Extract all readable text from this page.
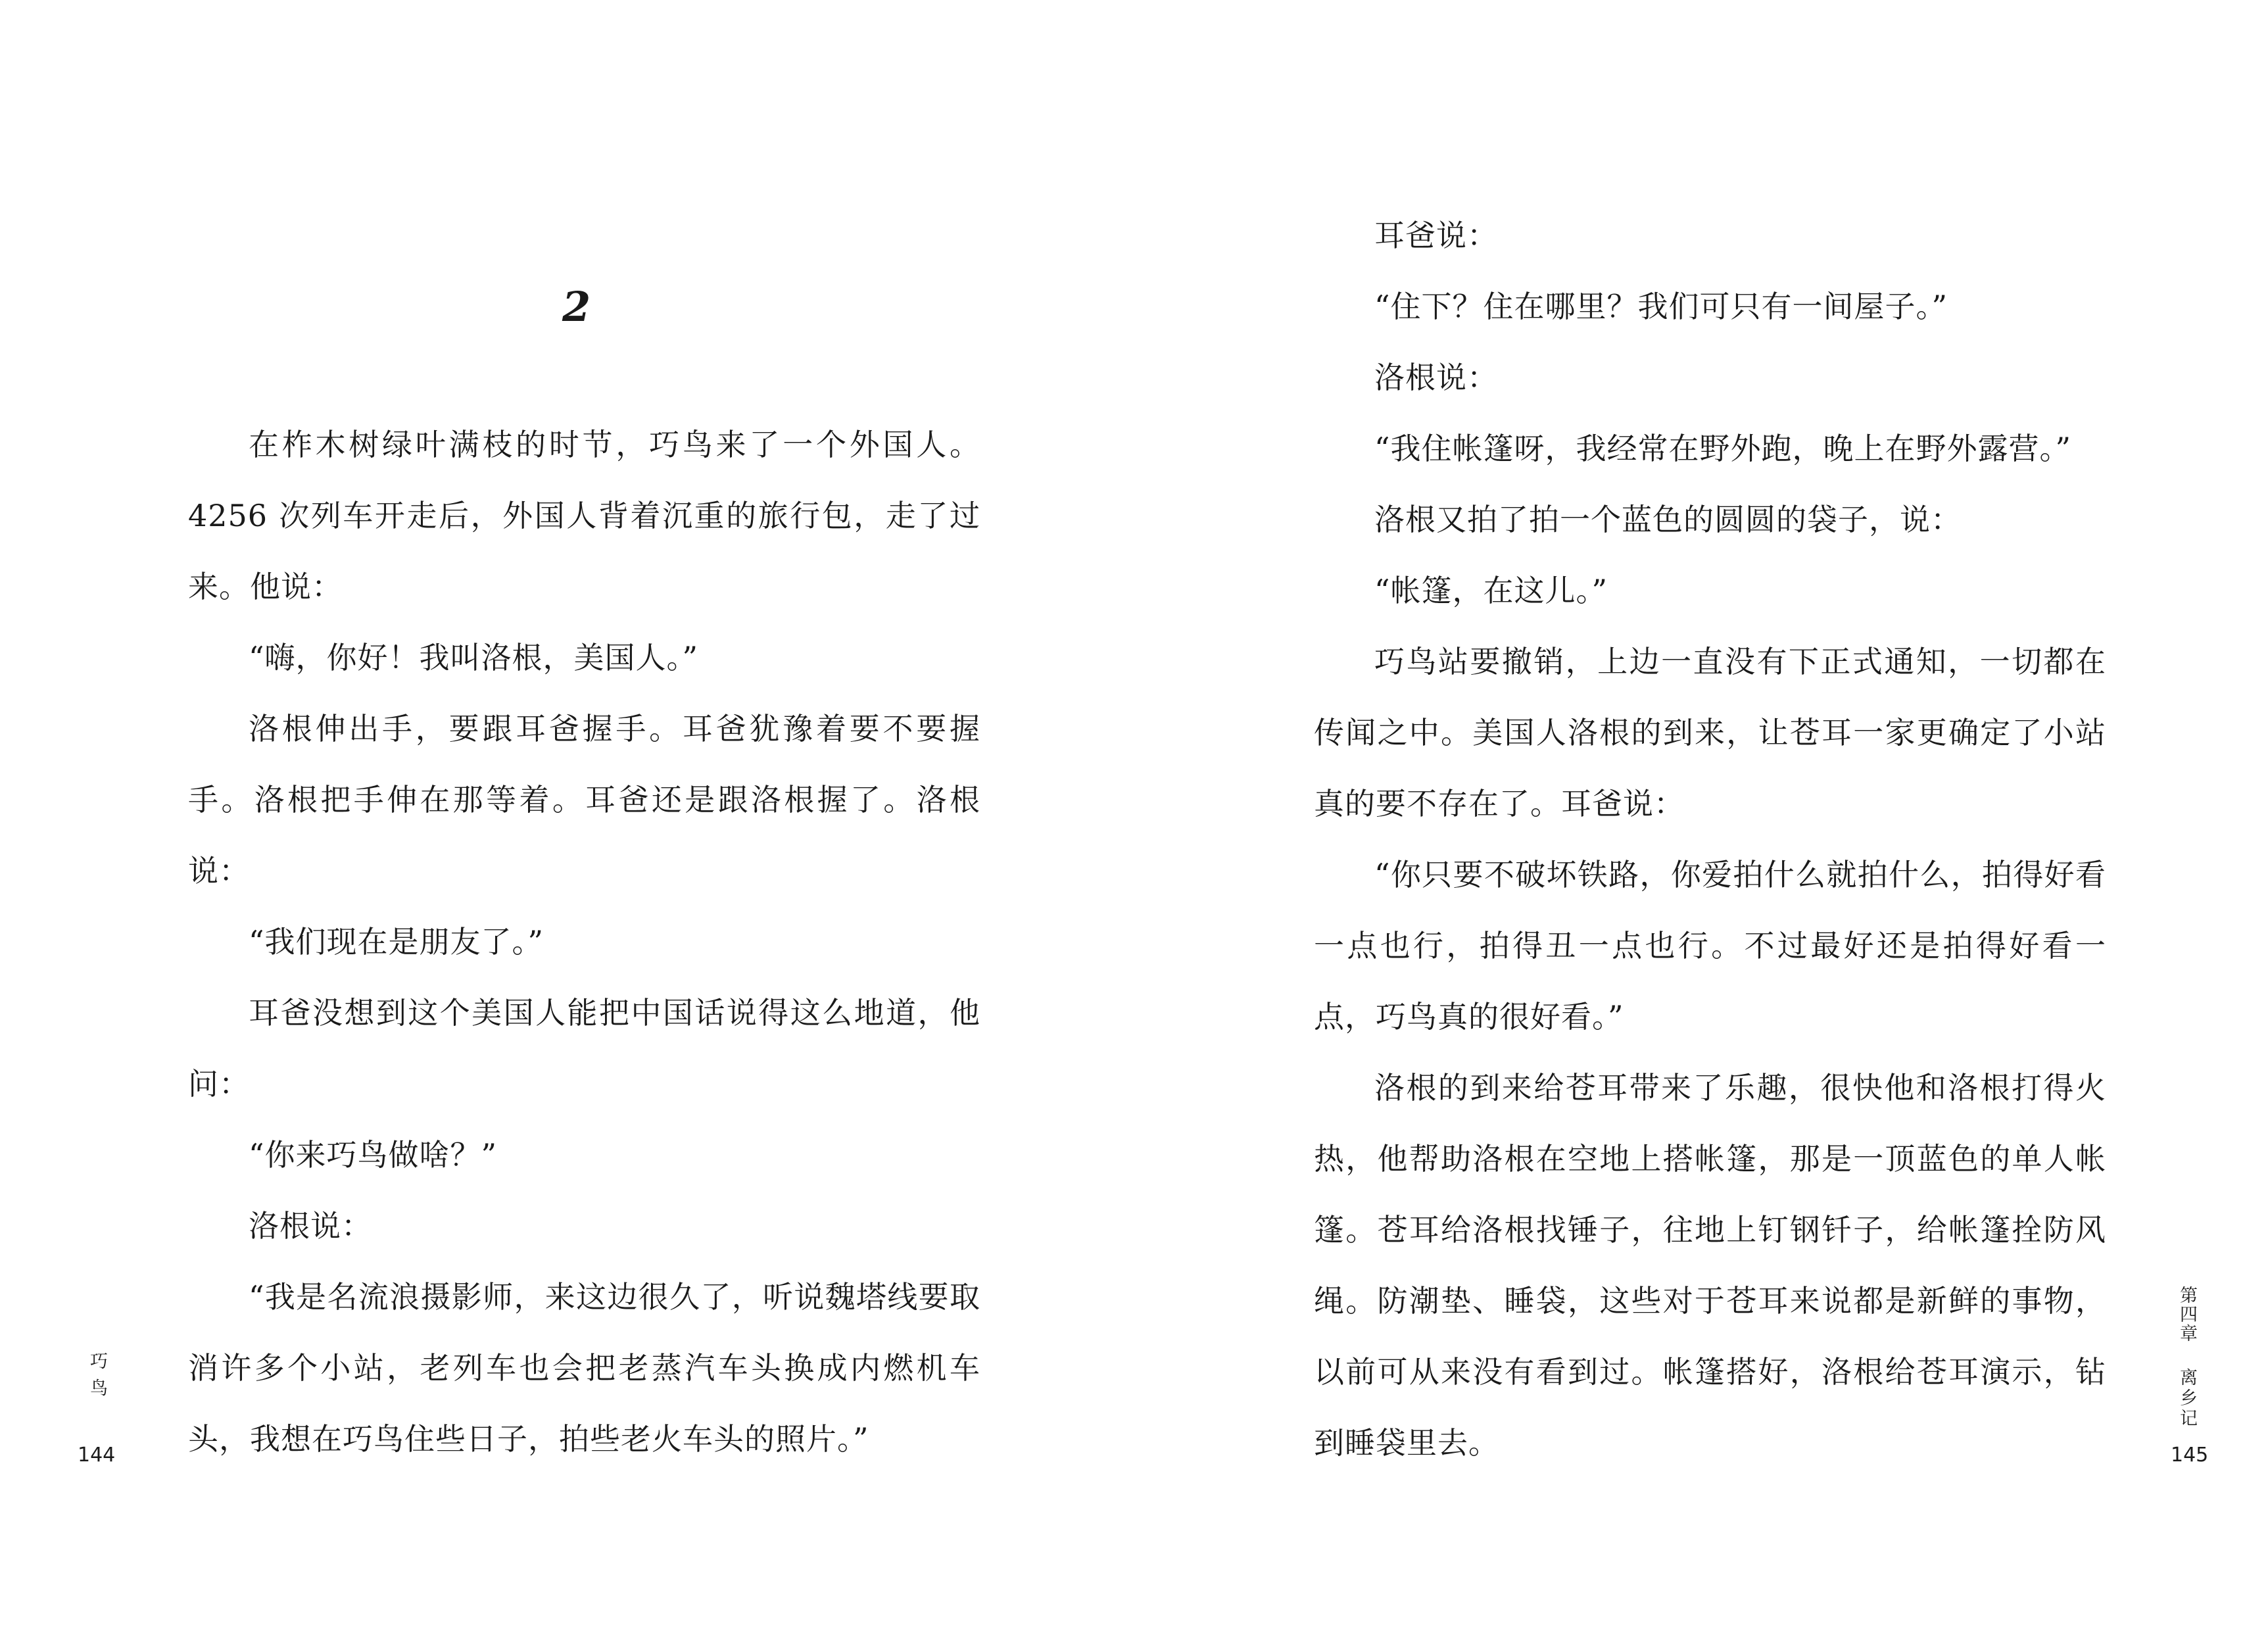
2

在柞木树绿叶满枝的时节，巧鸟来了一个外国人。4256 次列车开走后，外国人背着沉重的旅行包，走了过来。他说：

“嗨，你好！我叫洛根，美国人。”

洛根伸出手，要跟耳爸握手。耳爸犹豫着要不要握手。洛根把手伸在那等着。耳爸还是跟洛根握了。洛根说：

“我们现在是朋友了。”

耳爸没想到这个美国人能把中国话说得这么地道，他问：

“你来巧鸟做啥？”

洛根说：

“我是名流浪摄影师，来这边很久了，听说魏塔线要取消许多个小站，老列车也会把老蒸汽车头换成内燃机车头，我想在巧鸟住些日子，拍些老火车头的照片。”

巧鸟
144

耳爸说：

“住下？住在哪里？我们可只有一间屋子。”

洛根说：

“我住帐篷呀，我经常在野外跑，晚上在野外露营。”

洛根又拍了拍一个蓝色的圆圆的袋子，说：

“帐篷，在这儿。”

巧鸟站要撤销，上边一直没有下正式通知，一切都在传闻之中。美国人洛根的到来，让苍耳一家更确定了小站真的要不存在了。耳爸说：

“你只要不破坏铁路，你爱拍什么就拍什么，拍得好看一点也行，拍得丑一点也行。不过最好还是拍得好看一点，巧鸟真的很好看。”

洛根的到来给苍耳带来了乐趣，很快他和洛根打得火热，他帮助洛根在空地上搭帐篷，那是一顶蓝色的单人帐篷。苍耳给洛根找锤子，往地上钉钢钎子，给帐篷拴防风绳。防潮垫、睡袋，这些对于苍耳来说都是新鲜的事物，以前可从来没有看到过。帐篷搭好，洛根给苍耳演示，钻到睡袋里去。

第四章
离乡记
145
